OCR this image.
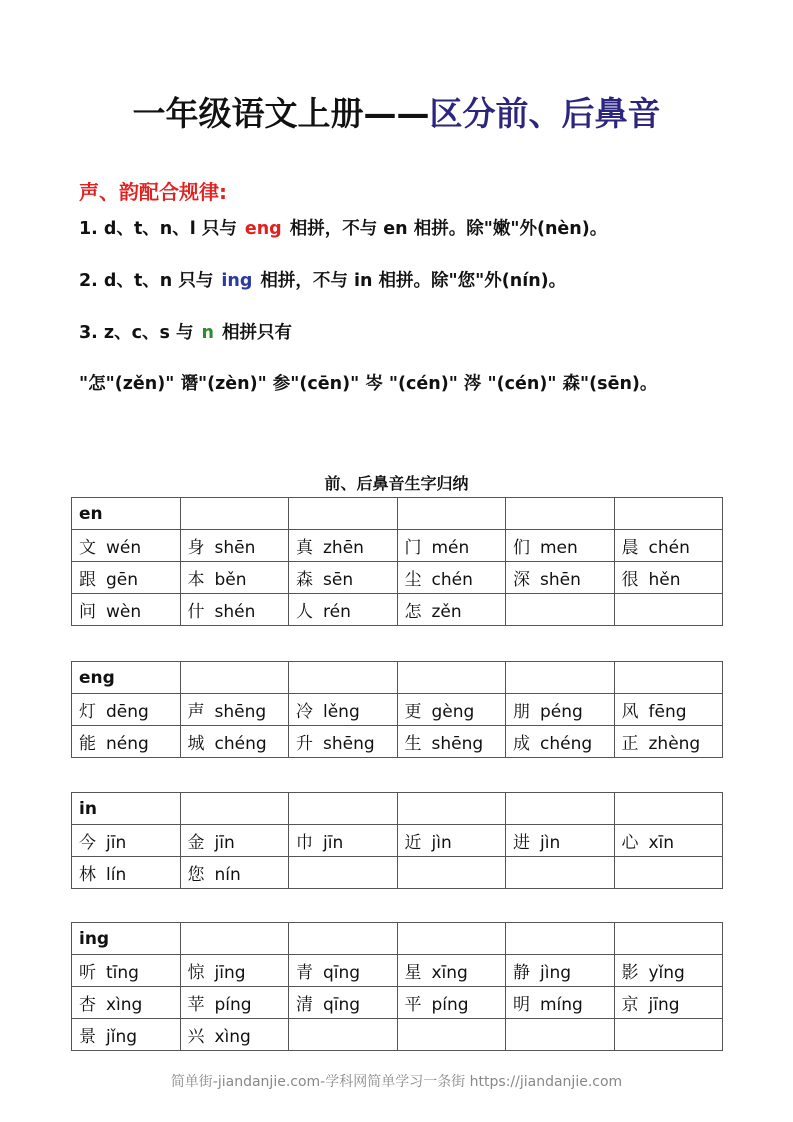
一年级语文上册——区分前、后鼻音
声、韵配合规律:
1. d、t、n、l 只与 eng 相拼，不与 en 相拼。除"嫩"外(nèn)。
2. d、t、n 只与 ing 相拼，不与 in 相拼。除"您"外(nín)。
3. z、c、s 与 n 相拼只有
"怎"(zěn)" 谮"(zèn)" 参"(cēn)" 岑 "(cén)" 涔 "(cén)" 森"(sēn)。
前、后鼻音生字归纳
en					
文 wén	身 shēn	真 zhēn	门 mén	们 men	晨 chén
跟 gēn	本 běn	森 sēn	尘 chén	深 shēn	很 hěn
问 wèn	什 shén	人 rén	怎 zěn		
eng					
灯 dēng	声 shēng	冷 lěng	更 gèng	朋 péng	风 fēng
能 néng	城 chéng	升 shēng	生 shēng	成 chéng	正 zhèng
in					
今 jīn	金 jīn	巾 jīn	近 jìn	进 jìn	心 xīn
林 lín	您 nín				
ing					
听 tīng	惊 jīng	青 qīng	星 xīng	静 jìng	影 yǐng
杏 xìng	苹 píng	清 qīng	平 píng	明 míng	京 jīng
景 jǐng	兴 xìng				
简单街-jiandanjie.com-学科网简单学习一条街 https://jiandanjie.com
